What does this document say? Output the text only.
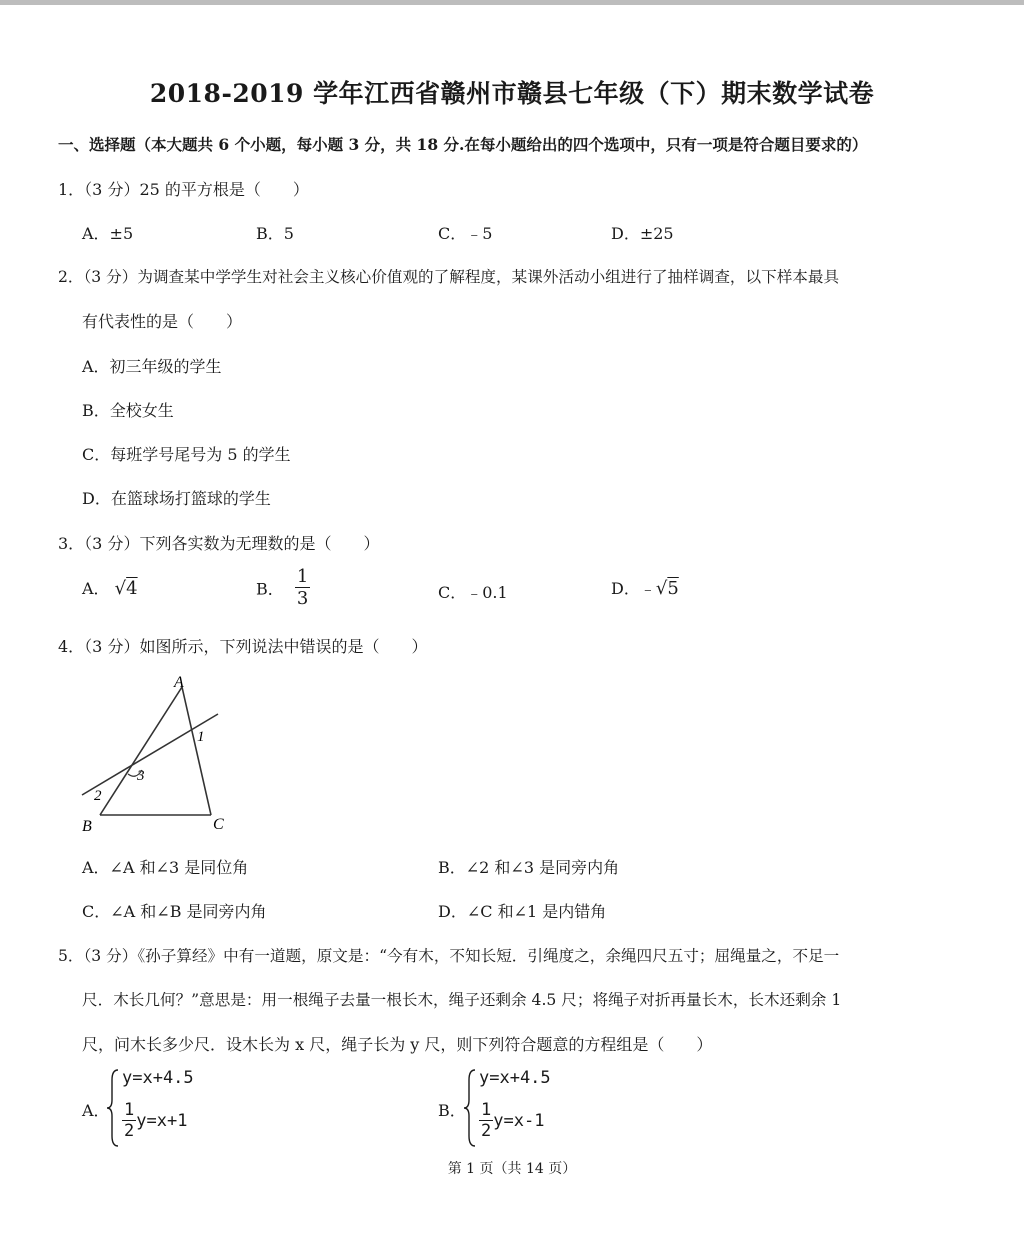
2018-2019 学年江西省赣州市赣县七年级（下）期末数学试卷
一、选择题（本大题共 6 个小题，每小题 3 分，共 18 分.在每小题给出的四个选项中，只有一项是符合题目要求的）
1．（3 分）25 的平方根是（　　）
A．±5	B．5	C．﹣5	D．±25
2．（3 分）为调查某中学学生对社会主义核心价值观的了解程度，某课外活动小组进行了抽样调查，以下样本最具
有代表性的是（　　）
A．初三年级的学生
B．全校女生
C．每班学号尾号为 5 的学生
D．在篮球场打篮球的学生
3．（3 分）下列各实数为无理数的是（　　）
A． √4	B． $\frac{1}{3}$	C．﹣0.1	D．﹣√5
4．（3 分）如图所示，下列说法中错误的是（　　）
A
B	C
1
2
3
A．∠A 和∠3 是同位角	B．∠2 和∠3 是同旁内角
C．∠A 和∠B 是同旁内角	D．∠C 和∠1 是内错角
5．（3 分）《孙子算经》中有一道题，原文是：“今有木，不知长短．引绳度之，余绳四尺五寸；屈绳量之，不足一
尺．木长几何？”意思是：用一根绳子去量一根长木，绳子还剩余 4.5 尺；将绳子对折再量长木，长木还剩余 1
尺，问木长多少尺．设木长为 x 尺，绳子长为 y 尺，则下列符合题意的方程组是（　　）
A．
y=x+4.5
$\frac{1}{2} y=x+1$
B．
y=x+4.5
$\frac{1}{2} y=x-1$
第 1 页（共 14 页）
